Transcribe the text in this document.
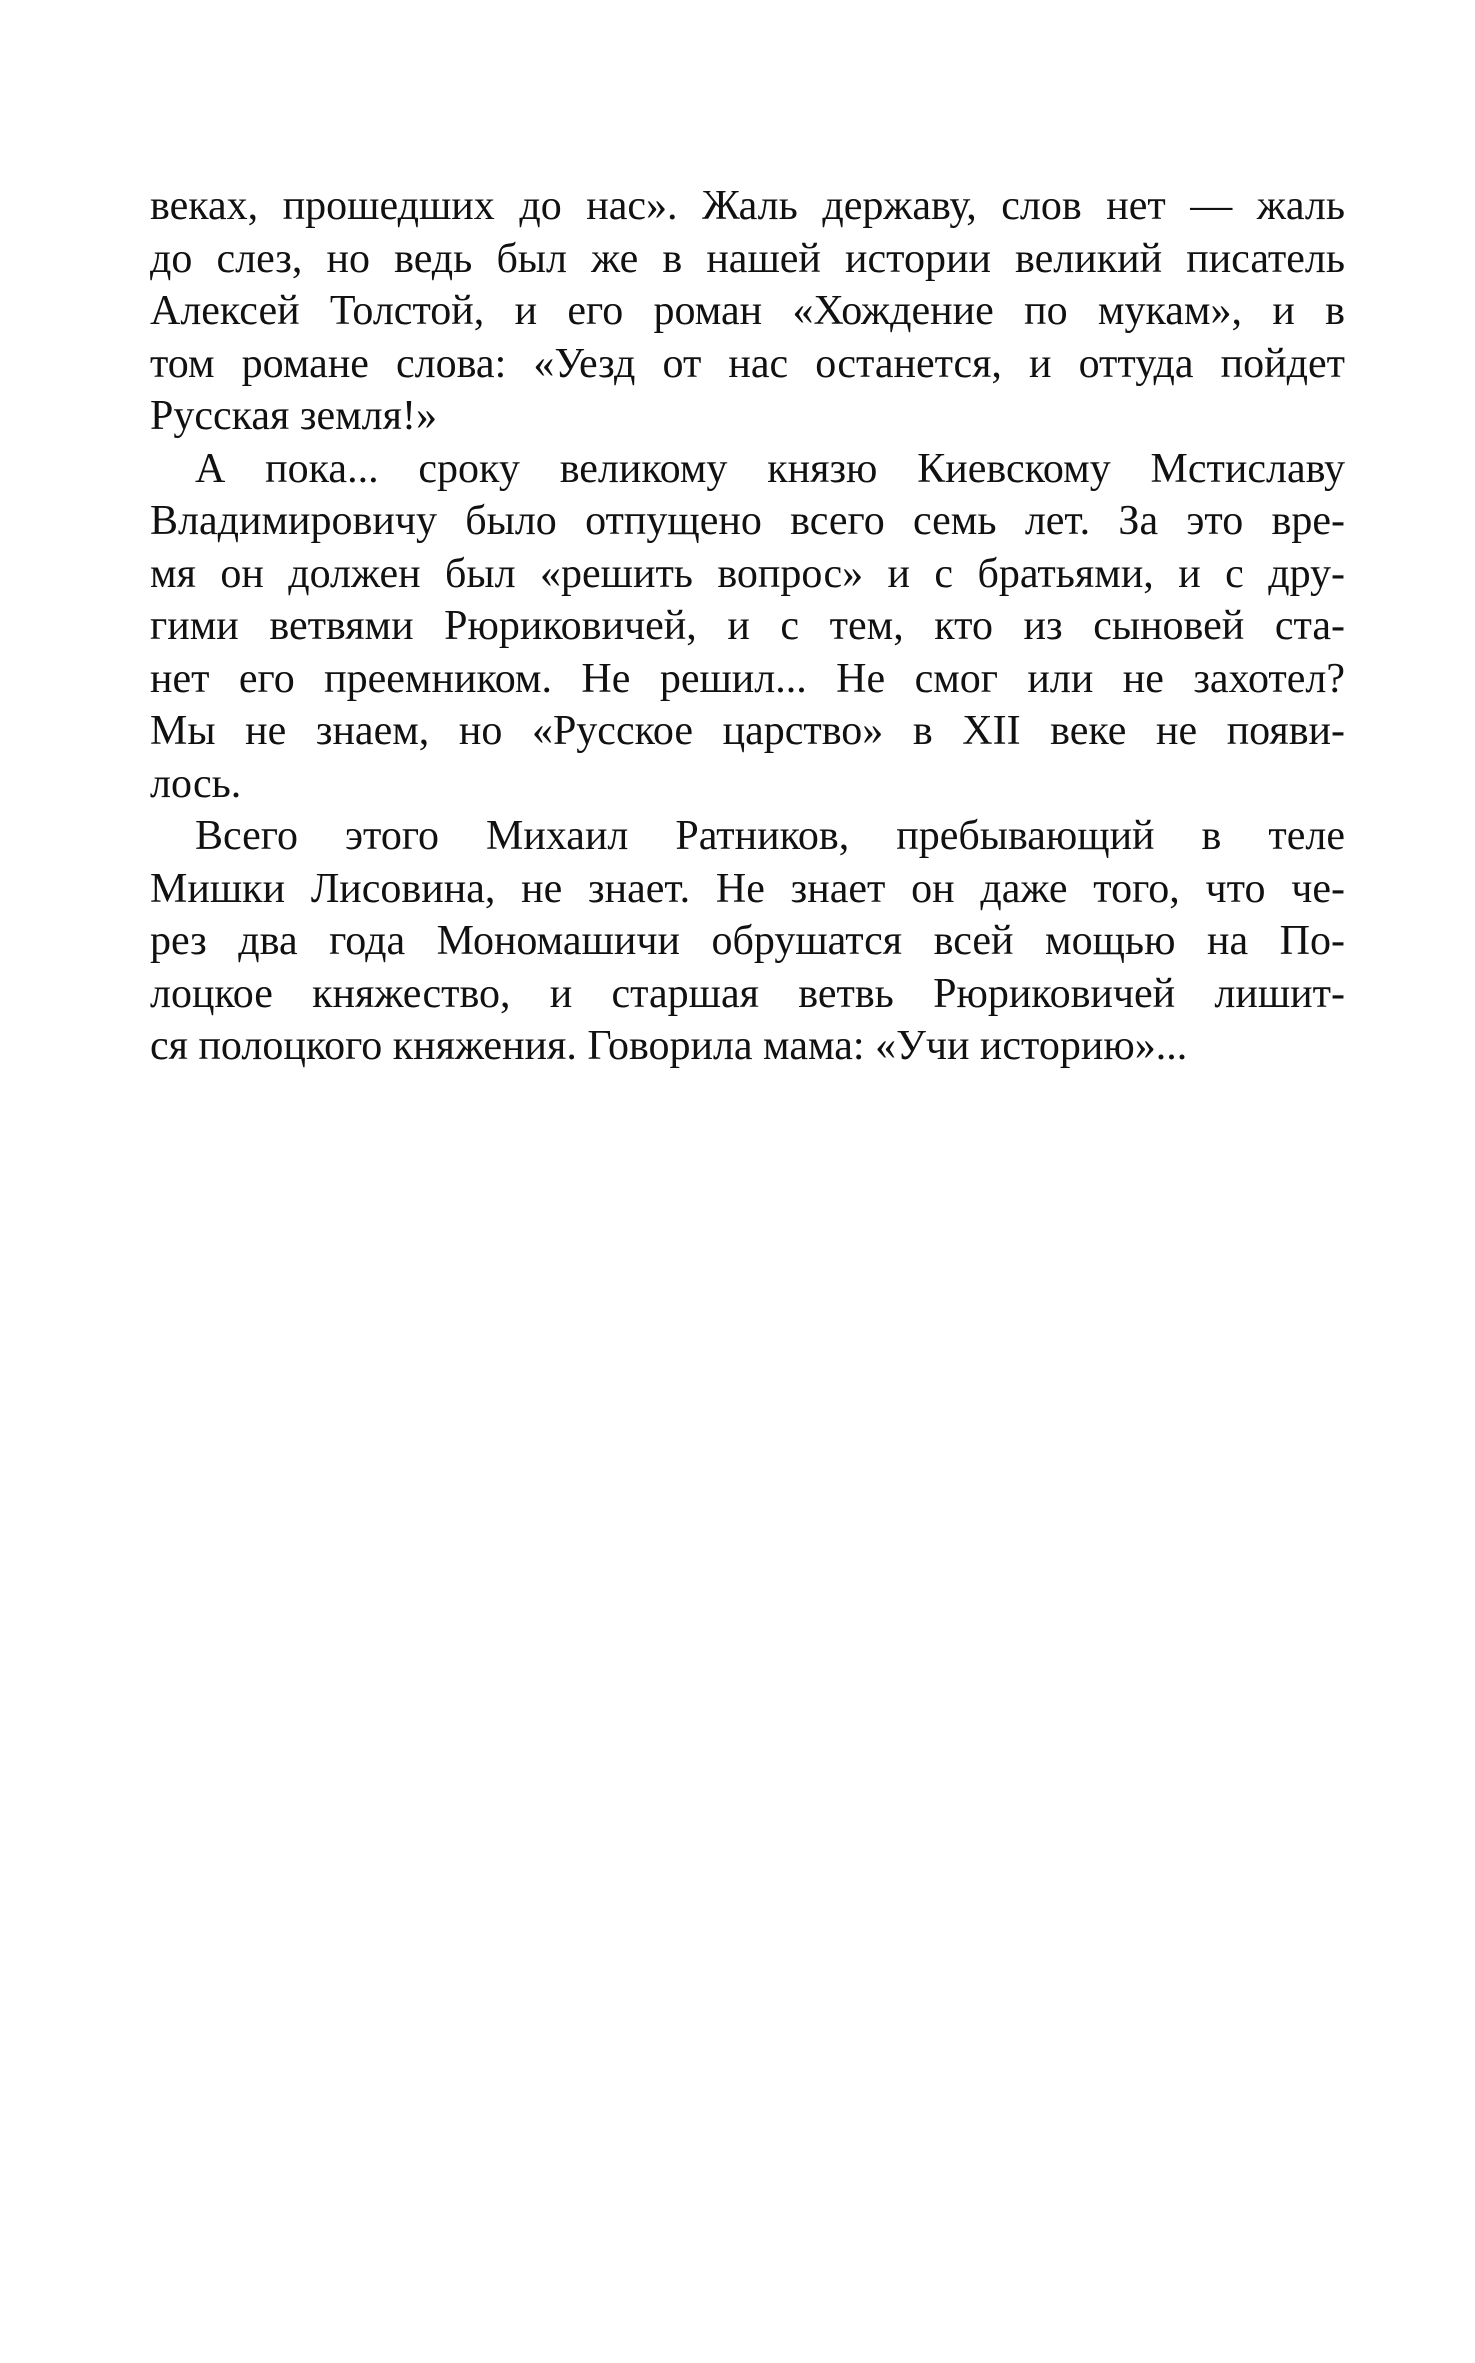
веках, прошедших до нас». Жаль державу, слов нет — жаль
до слез, но ведь был же в нашей истории великий писатель
Алексей Толстой, и его роман «Хождение по мукам», и в
том романе слова: «Уезд от нас останется, и оттуда пойдет
Русская земля!»
А пока... сроку великому князю Киевскому Мстиславу
Владимировичу было отпущено всего семь лет. За это вре-
мя он должен был «решить вопрос» и с братьями, и с дру-
гими ветвями Рюриковичей, и с тем, кто из сыновей ста-
нет его преемником. Не решил... Не смог или не захотел?
Мы не знаем, но «Русское царство» в XII веке не появи-
лось.
Всего этого Михаил Ратников, пребывающий в теле
Мишки Лисовина, не знает. Не знает он даже того, что че-
рез два года Мономашичи обрушатся всей мощью на По-
лоцкое княжество, и старшая ветвь Рюриковичей лишит-
ся полоцкого княжения. Говорила мама: «Учи историю»...
